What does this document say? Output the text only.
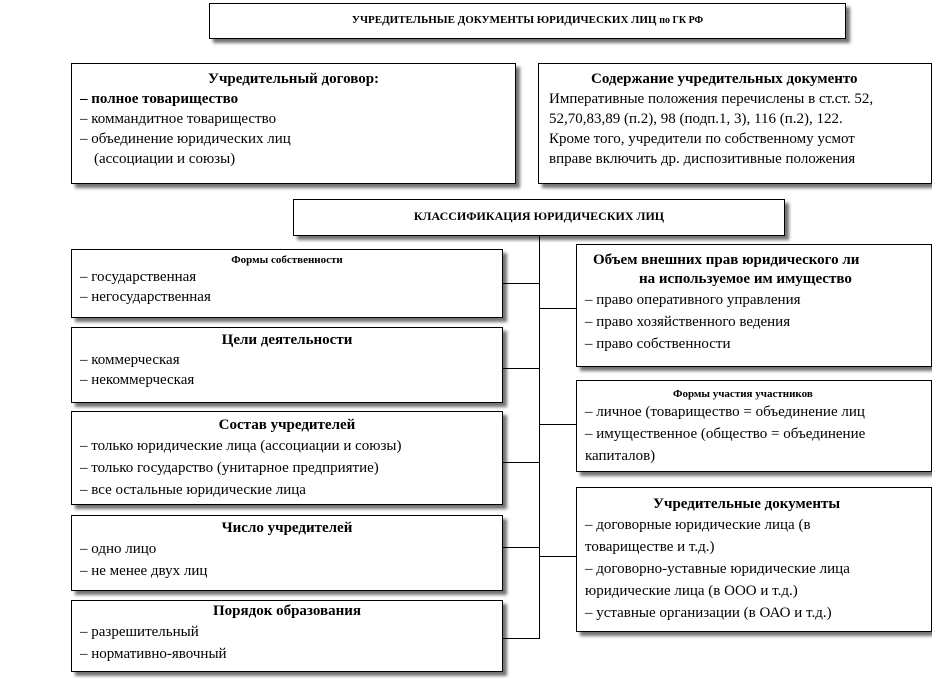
УЧРЕДИТЕЛЬНЫЕ ДОКУМЕНТЫ ЮРИДИЧЕСКИХ ЛИЦ по ГК РФ
Учредительный договор:
– полное товарищество
– коммандитное товарищество
– объединение юридических лиц
(ассоциации и союзы)
Содержание учредительных документо
Императивные положения перечислены в ст.ст. 52,
52,70,83,89 (п.2), 98 (подп.1, 3), 116 (п.2), 122.
Кроме того, учредители по собственному усмот
вправе включить др. диспозитивные положения
КЛАССИФИКАЦИЯ ЮРИДИЧЕСКИХ ЛИЦ
Формы собственности
– государственная
– негосударственная
Цели деятельности
– коммерческая
– некоммерческая
Состав учредителей
– только юридические лица (ассоциации и союзы)
– только государство (унитарное предприятие)
– все остальные юридические лица
Число учредителей
– одно лицо
– не менее двух лиц
Порядок образования
– разрешительный
– нормативно-явочный
Объем внешних прав юридического ли
на используемое им имущество
– право оперативного управления
– право хозяйственного ведения
– право собственности
Формы участия участников
– личное (товарищество = объединение лиц
– имущественное (общество = объединение
капиталов)
Учредительные документы
– договорные юридические лица (в
товариществе и т.д.)
– договорно-уставные юридические лица
юридические лица (в ООО и т.д.)
– уставные организации (в ОАО и т.д.)
